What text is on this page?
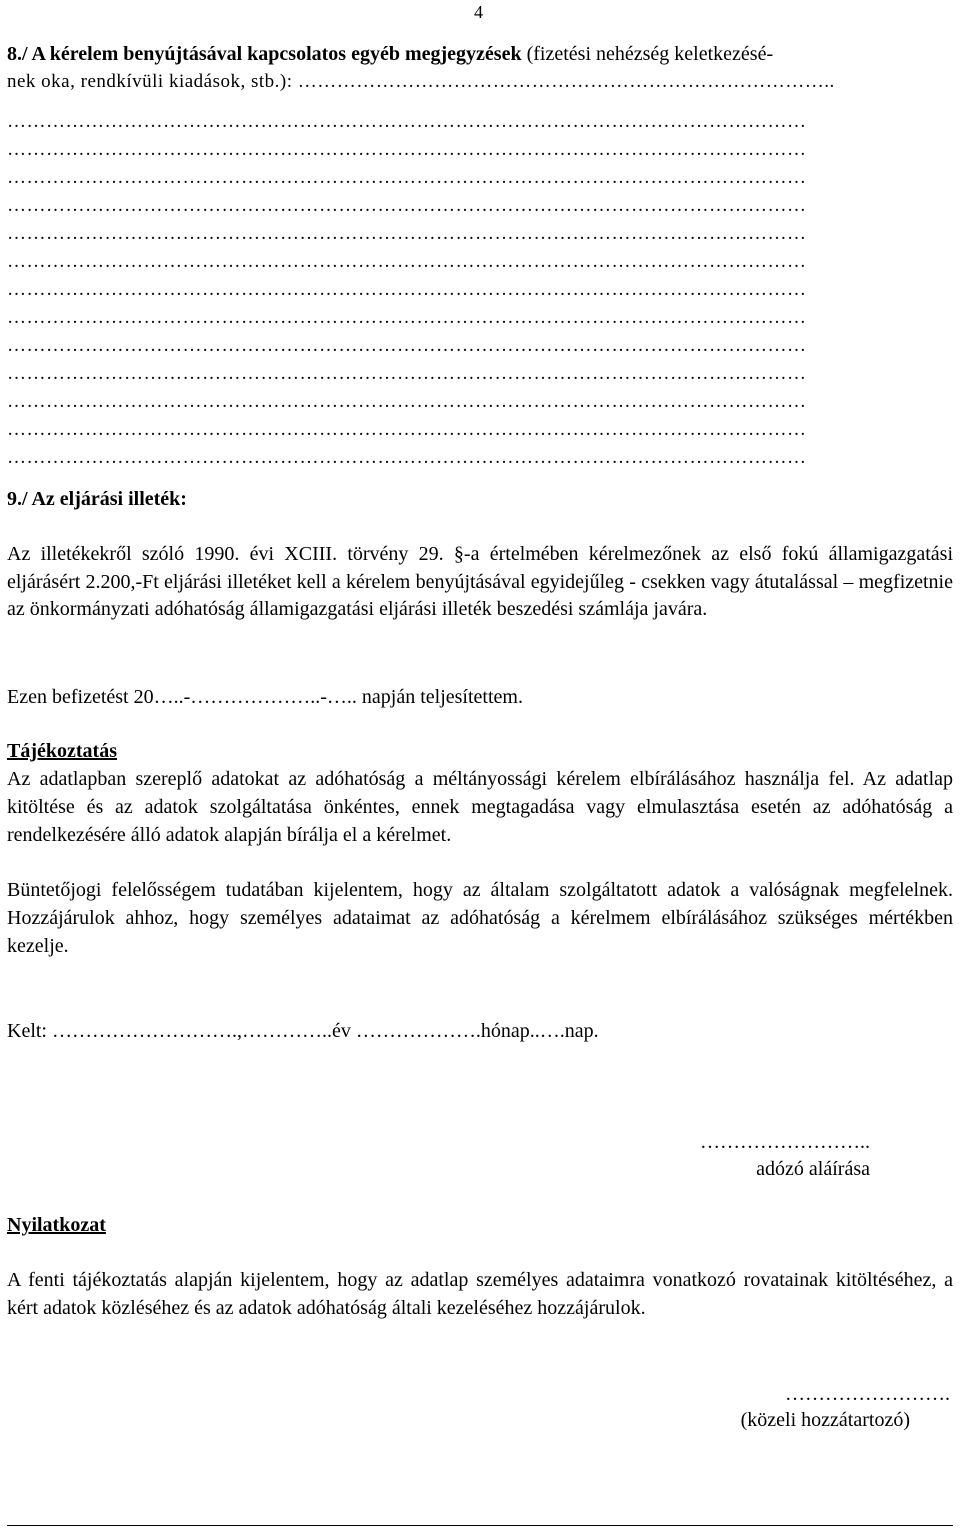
4
8./ A kérelem benyújtásával kapcsolatos egyéb megjegyzések (fizetési nehézség keletkezésé-
nek oka, rendkívüli kiadások, stb.): ………………………………………………………………………..
……………………………………………………………………………………………………………
……………………………………………………………………………………………………………
……………………………………………………………………………………………………………
……………………………………………………………………………………………………………
……………………………………………………………………………………………………………
……………………………………………………………………………………………………………
……………………………………………………………………………………………………………
……………………………………………………………………………………………………………
……………………………………………………………………………………………………………
……………………………………………………………………………………………………………
……………………………………………………………………………………………………………
……………………………………………………………………………………………………………
……………………………………………………………………………………………………………
9./ Az eljárási illeték:
Az illetékekről szóló 1990. évi XCIII. törvény 29. §-a értelmében kérelmezőnek az első fokú államigazgatási eljárásért 2.200,-Ft eljárási illetéket kell a kérelem benyújtásával egyidejűleg - csekken vagy átutalással – megfizetnie az önkormányzati adóhatóság államigazgatási eljárási illeték beszedési számlája javára.
Ezen befizetést 20…..-………………..-….. napján teljesítettem.
Tájékoztatás
Az adatlapban szereplő adatokat az adóhatóság a méltányossági kérelem elbírálásához használja fel. Az adatlap kitöltése és az adatok szolgáltatása önkéntes, ennek megtagadása vagy elmulasztása esetén az adóhatóság a rendelkezésére álló adatok alapján bírálja el a kérelmet.
Büntetőjogi felelősségem tudatában kijelentem, hogy az általam szolgáltatott adatok a valóságnak megfelelnek. Hozzájárulok ahhoz, hogy személyes adataimat az adóhatóság a kérelmem elbírálásához szükséges mértékben kezelje.
Kelt: ……………………….,…………..év ……………….hónap..….nap.
……………………..
adózó aláírása
Nyilatkozat
A fenti tájékoztatás alapján kijelentem, hogy az adatlap személyes adataimra vonatkozó rovatainak kitöltéséhez, a kért adatok közléséhez és az adatok adóhatóság általi kezeléséhez hozzájárulok.
…………………….
(közeli hozzátartozó)
